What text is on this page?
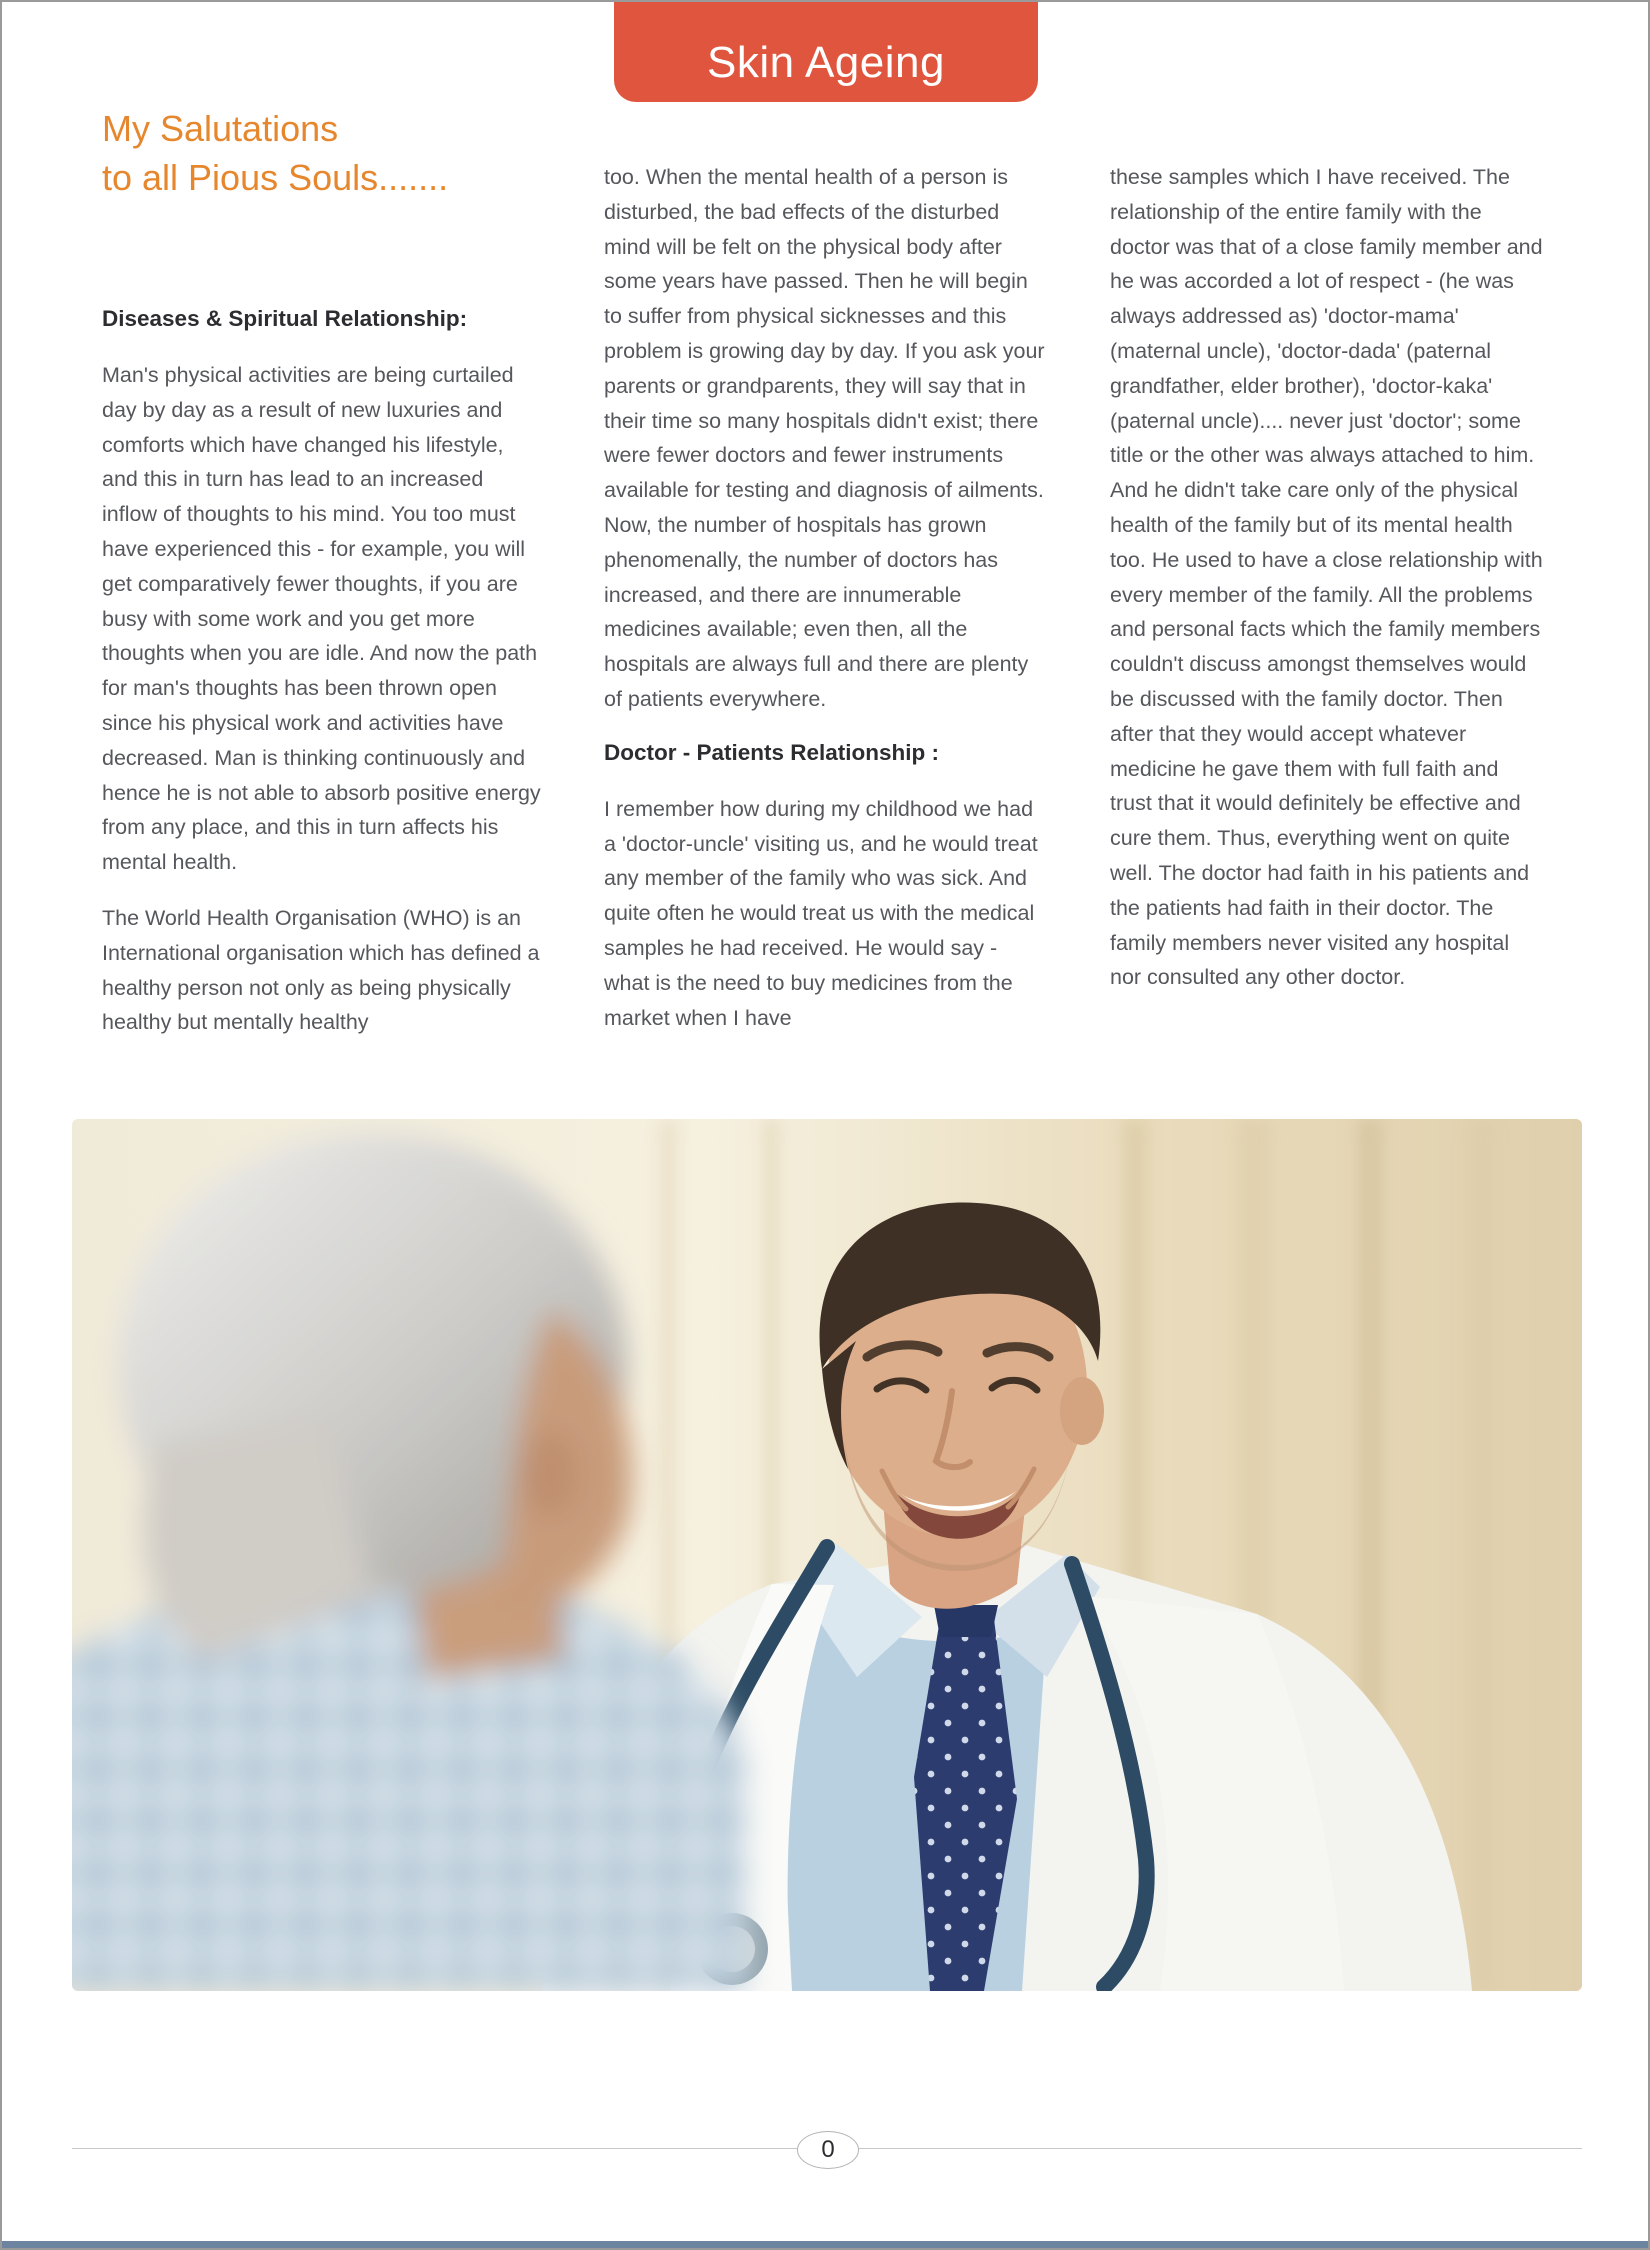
Skin Ageing
My Salutations
to all Pious Souls.......
Diseases & Spiritual Relationship:

Man's physical activities are being curtailed day by day as a result of new luxuries and comforts which have changed his lifestyle, and this in turn has lead to an increased inflow of thoughts to his mind. You too must have experienced this - for example, you will get comparatively fewer thoughts, if you are busy with some work and you get more thoughts when you are idle. And now the path for man's thoughts has been thrown open since his physical work and activities have decreased. Man is thinking continuously and hence he is not able to absorb positive energy from any place, and this in turn affects his mental health.

The World Health Organisation (WHO) is an International organisation which has defined a healthy person not only as being physically healthy but mentally healthy

too. When the mental health of a person is disturbed, the bad effects of the disturbed mind will be felt on the physical body after some years have passed. Then he will begin to suffer from physical sicknesses and this problem is growing day by day. If you ask your parents or grandparents, they will say that in their time so many hospitals didn't exist; there were fewer doctors and fewer instruments available for testing and diagnosis of ailments. Now, the number of hospitals has grown phenomenally, the number of doctors has increased, and there are innumerable medicines available; even then, all the hospitals are always full and there are plenty of patients everywhere.

Doctor - Patients Relationship :

I remember how during my childhood we had a 'doctor-uncle' visiting us, and he would treat any member of the family who was sick. And quite often he would treat us with the medical samples he had received. He would say - what is the need to buy medicines from the market when I have

these samples which I have received. The relationship of the entire family with the doctor was that of a close family member and he was accorded a lot of respect - (he was always addressed as) 'doctor-mama' (maternal uncle), 'doctor-dada' (paternal grandfather, elder brother), 'doctor-kaka' (paternal uncle).... never just 'doctor'; some title or the other was always attached to him. And he didn't take care only of the physical health of the family but of its mental health too. He used to have a close relationship with every member of the family. All the problems and personal facts which the family members couldn't discuss amongst themselves would be discussed with the family doctor. Then after that they would accept whatever medicine he gave them with full faith and trust that it would definitely be effective and cure them. Thus, everything went on quite well. The doctor had faith in his patients and the patients had faith in their doctor. The family members never visited any hospital nor consulted any other doctor.

0
